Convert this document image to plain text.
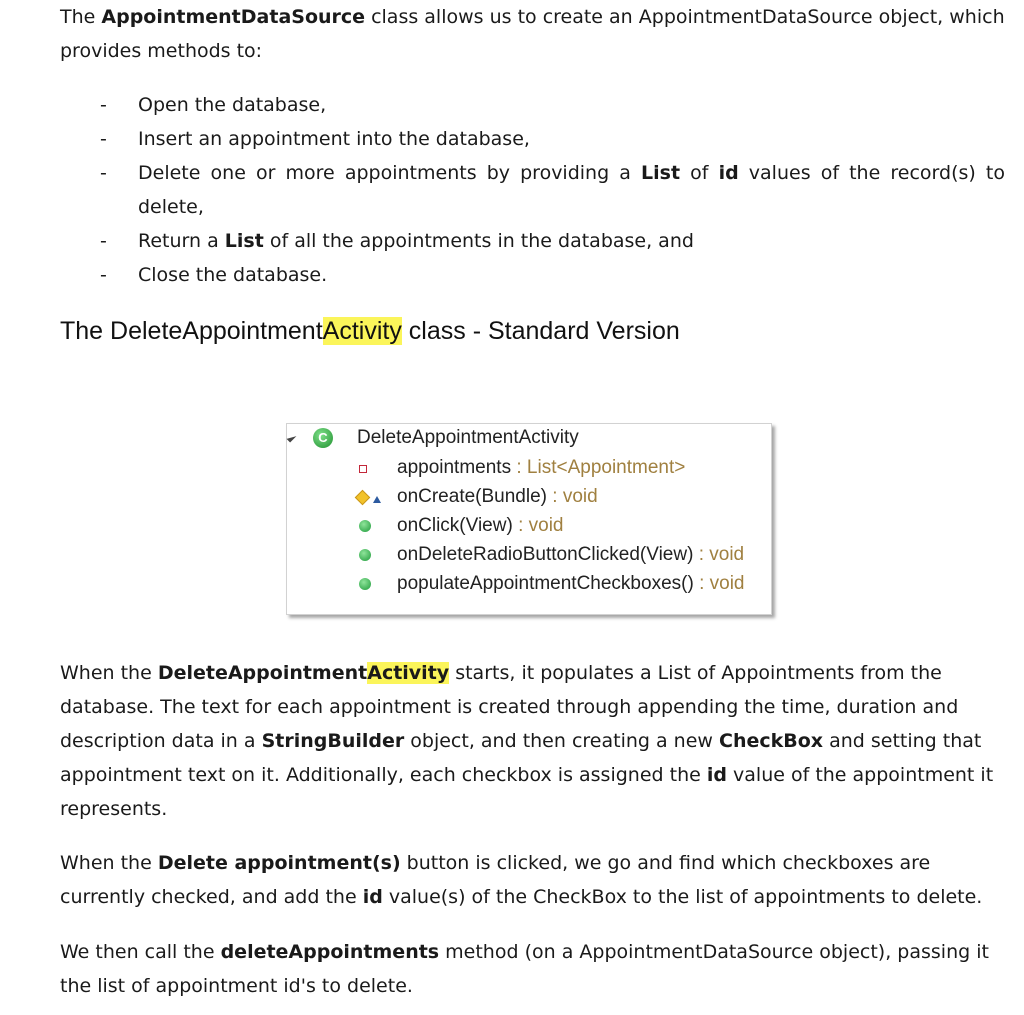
The AppointmentDataSource class allows us to create an AppointmentDataSource object, which provides methods to:

- Open the database,
- Insert an appointment into the database,
- Delete one or more appointments by providing a List of id values of the record(s) to delete,
- Return a List of all the appointments in the database, and
- Close the database.
The DeleteAppointmentActivity class - Standard Version

When the DeleteAppointmentActivity starts, it populates a List of Appointments from the database. The text for each appointment is created through appending the time, duration and description data in a StringBuilder object, and then creating a new CheckBox and setting that appointment text on it. Additionally, each checkbox is assigned the id value of the appointment it represents.

When the Delete appointment(s) button is clicked, we go and find which checkboxes are currently checked, and add the id value(s) of the CheckBox to the list of appointments to delete.

We then call the deleteAppointments method (on a AppointmentDataSource object), passing it the list of appointment id's to delete.

C DeleteAppointmentActivity
appointments : List<Appointment>
onCreate(Bundle) : void
onClick(View) : void
onDeleteRadioButtonClicked(View) : void
populateAppointmentCheckboxes() : void
